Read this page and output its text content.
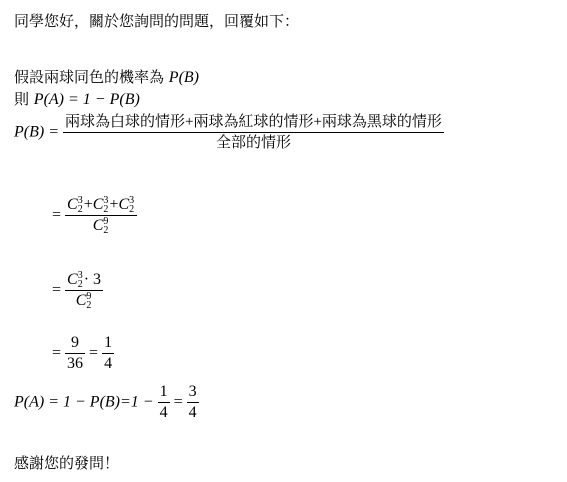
同學您好，關於您詢問的問題，回覆如下：
假設兩球同色的機率為 P(B)
則 P(A) = 1 − P(B)
$P(B) = \frac{\text{兩球為白球的情形+兩球為紅球的情形+兩球為黑球的情形}}{\text{全部的情形}}$
= C 3
2 +C 3
2 +C 3
2
C 9
2
= C 3
2 · 3
C 9
2
= $\frac{9}{36} = \frac{1}{4}$
$P(A) = 1 - P(B)=1 - \frac{1}{4} = \frac{3}{4}$
感謝您的發問！
